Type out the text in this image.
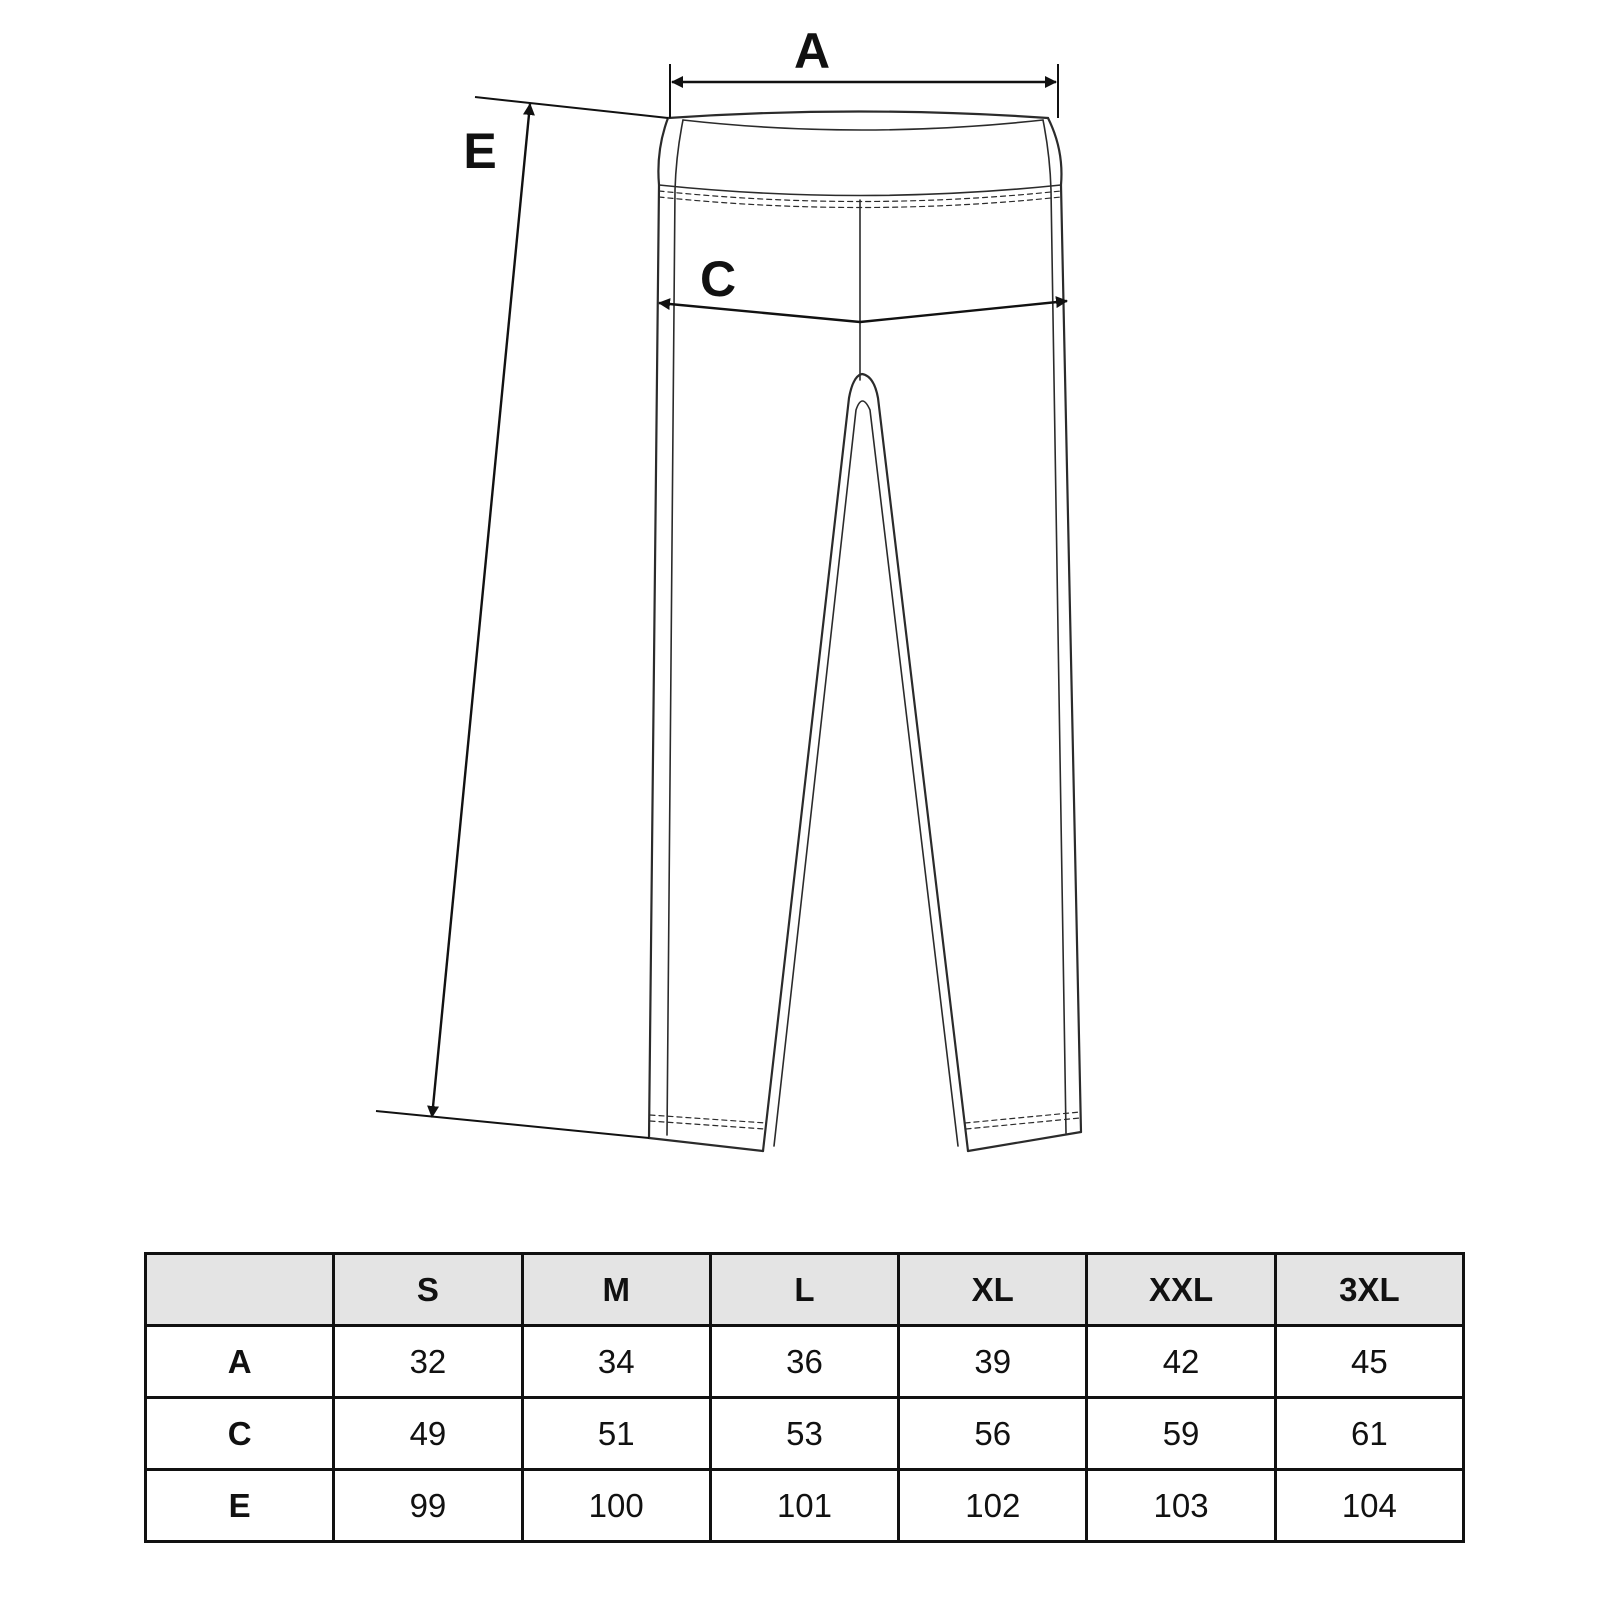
A
C
E
	S	M	L	XL	XXL	3XL
A	32	34	36	39	42	45
C	49	51	53	56	59	61
E	99	100	101	102	103	104
